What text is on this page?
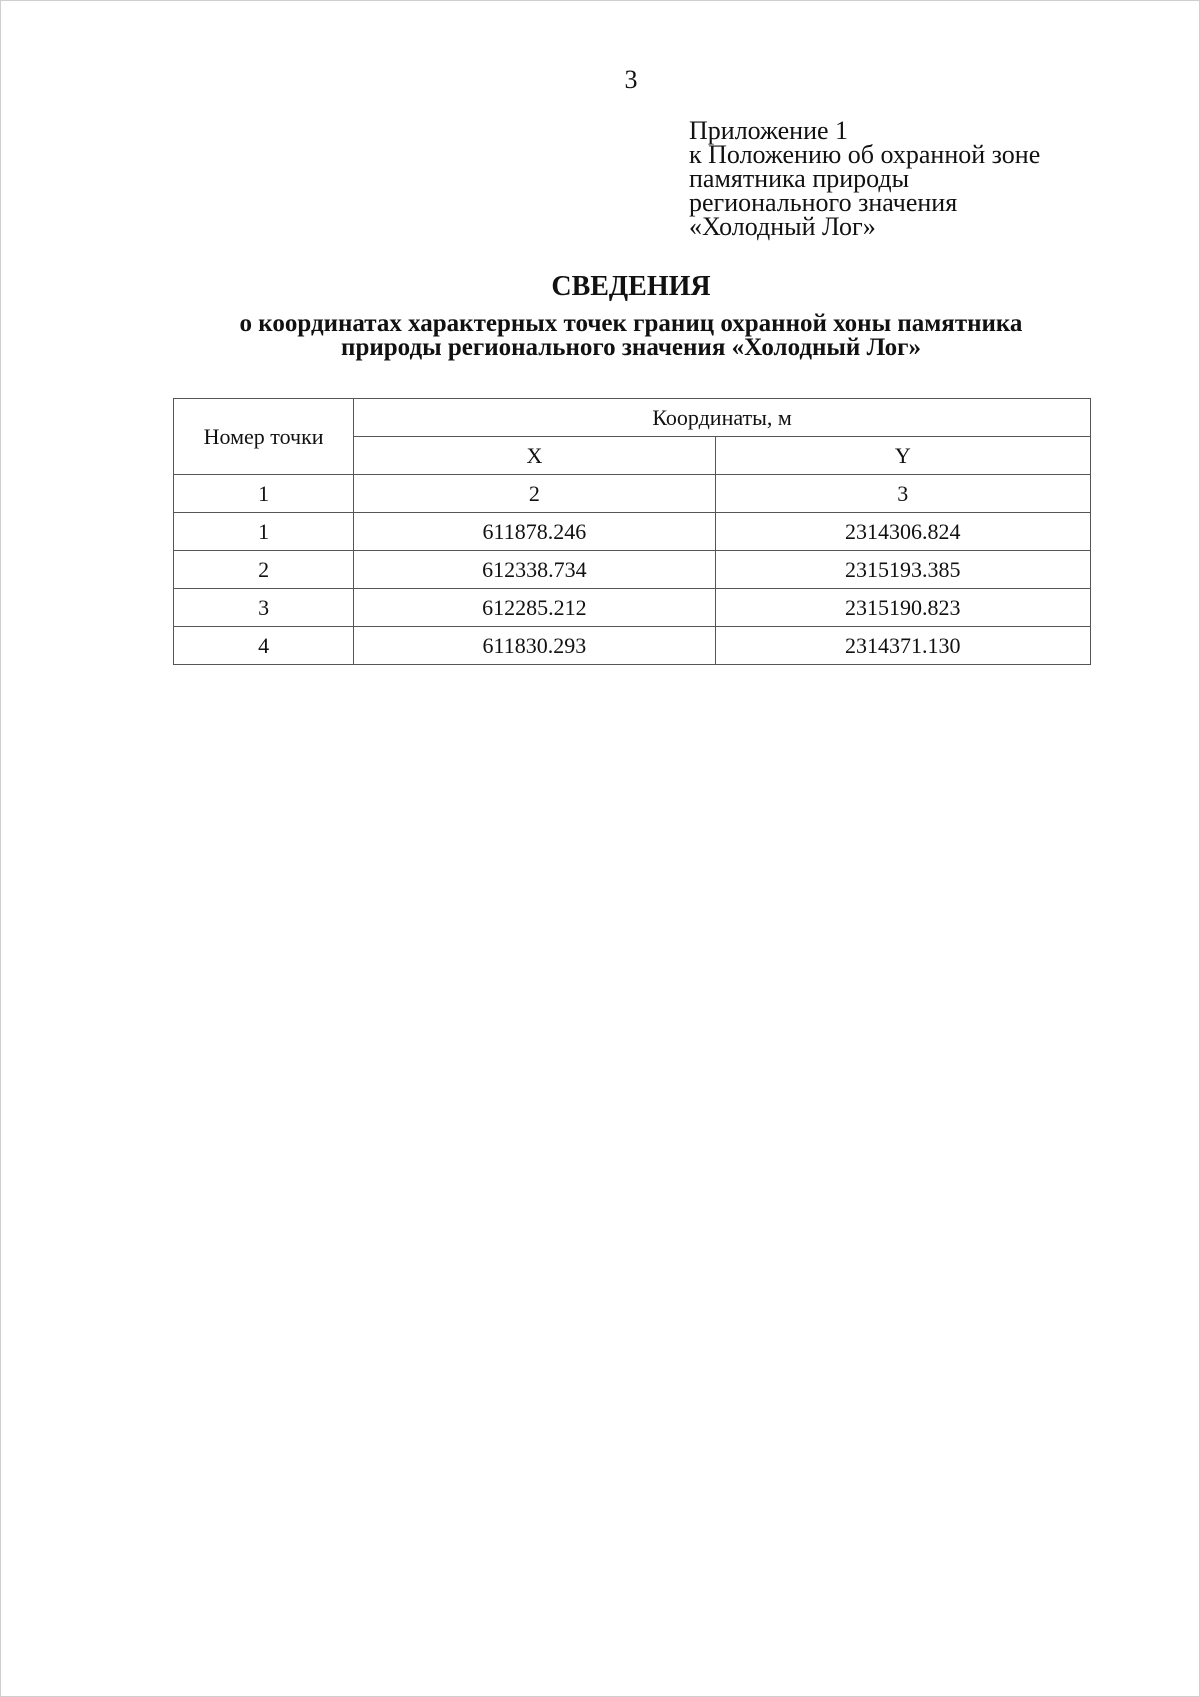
3
Приложение 1
к Положению об охранной зоне
памятника природы
регионального значения
«Холодный Лог»
СВЕДЕНИЯ
о координатах характерных точек границ охранной хоны памятника
природы регионального значения «Холодный Лог»
Номер точки	Координаты, м	
	X	Y
1	2	3
1	611878.246	2314306.824
2	612338.734	2315193.385
3	612285.212	2315190.823
4	611830.293	2314371.130
